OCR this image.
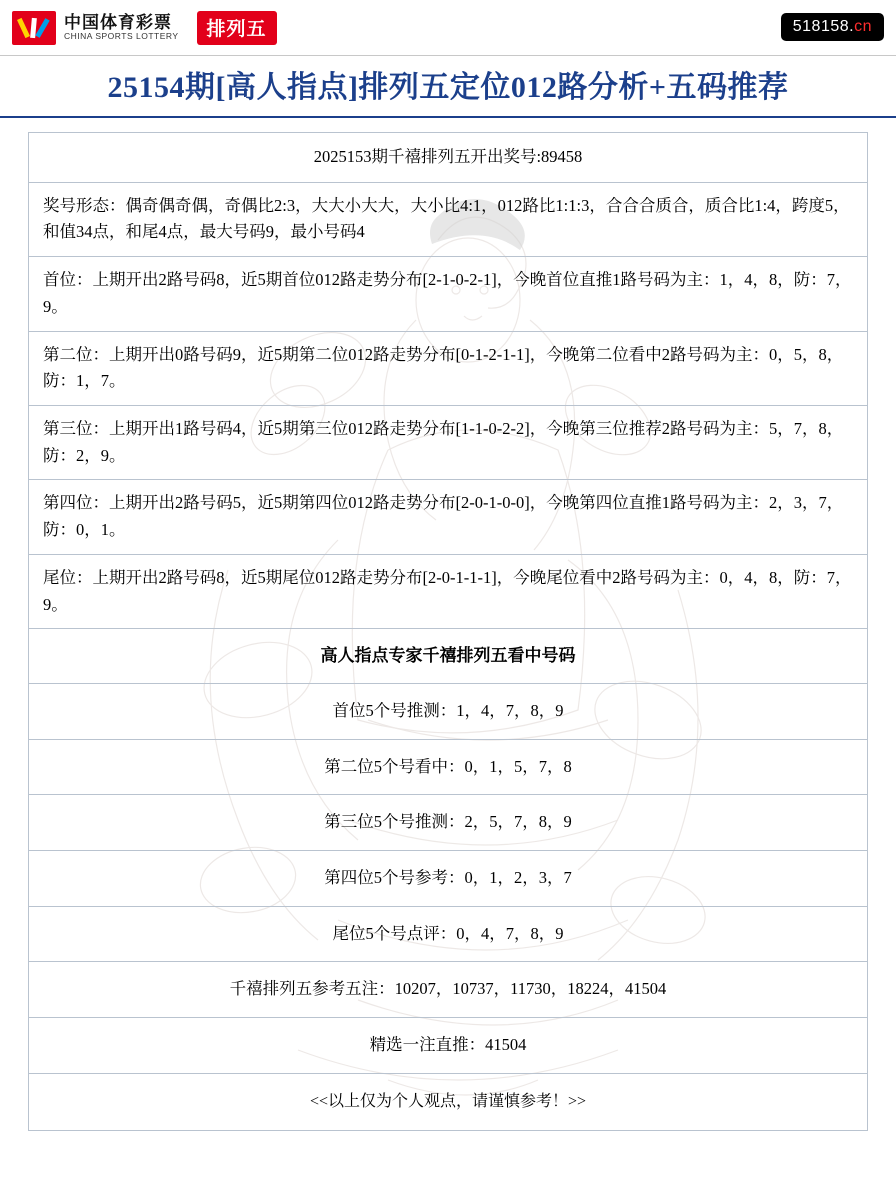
中国体育彩票
CHINA SPORTS LOTTERY	排列五	518158.cn
25154期[高人指点]排列五定位012路分析+五码推荐
2025153期千禧排列五开出奖号:89458
奖号形态：偶奇偶奇偶，奇偶比2:3，大大小大大，大小比4:1，012路比1:1:3，合合合质合，质合比1:4，跨度5，和值34点，和尾4点，最大号码9，最小号码4
首位：上期开出2路号码8，近5期首位012路走势分布[2-1-0-2-1]，今晚首位直推1路号码为主：1，4，8，防：7，9。
第二位：上期开出0路号码9，近5期第二位012路走势分布[0-1-2-1-1]，今晚第二位看中2路号码为主：0，5，8，防：1，7。
第三位：上期开出1路号码4，近5期第三位012路走势分布[1-1-0-2-2]，今晚第三位推荐2路号码为主：5，7，8，防：2，9。
第四位：上期开出2路号码5，近5期第四位012路走势分布[2-0-1-0-0]，今晚第四位直推1路号码为主：2，3，7，防：0，1。
尾位：上期开出2路号码8，近5期尾位012路走势分布[2-0-1-1-1]，今晚尾位看中2路号码为主：0，4，8，防：7，9。
高人指点专家千禧排列五看中号码
首位5个号推测：1，4，7，8，9
第二位5个号看中：0，1，5，7，8
第三位5个号推测：2，5，7，8，9
第四位5个号参考：0，1，2，3，7
尾位5个号点评：0，4，7，8，9
千禧排列五参考五注：10207，10737，11730，18224，41504
精选一注直推：41504
<<以上仅为个人观点，请谨慎参考！>>
